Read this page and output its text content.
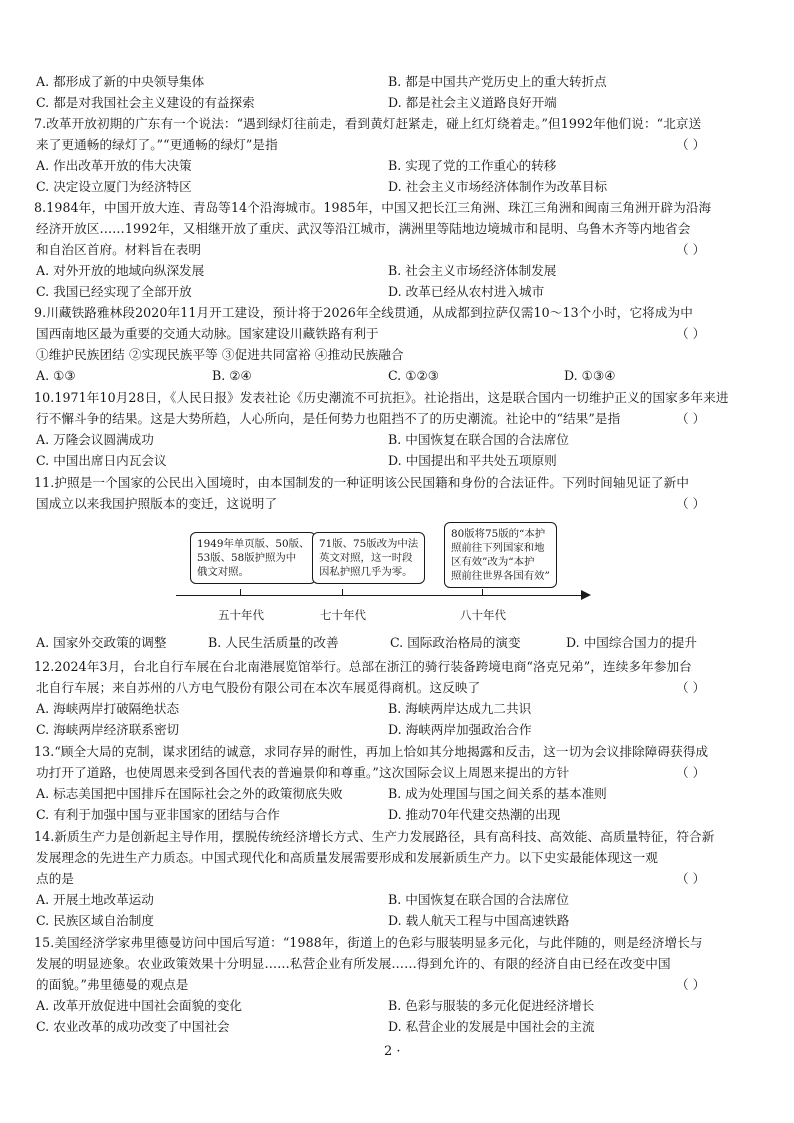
A. 都形成了新的中央领导集体	B. 都是中国共产党历史上的重大转折点
C. 都是对我国社会主义建设的有益探索	D. 都是社会主义道路良好开端
7.改革开放初期的广东有一个说法：“遇到绿灯往前走，看到黄灯赶紧走，碰上红灯绕着走。”但1992年他们说：“北京送
来了更通畅的绿灯了。”“更通畅的绿灯”是指	（ ）
A. 作出改革开放的伟大决策	B. 实现了党的工作重心的转移
C. 决定设立厦门为经济特区	D. 社会主义市场经济体制作为改革目标
8.1984年，中国开放大连、青岛等14个沿海城市。1985年，中国又把长江三角洲、珠江三角洲和闽南三角洲开辟为沿海
经济开放区……1992年，又相继开放了重庆、武汉等沿江城市，满洲里等陆地边境城市和昆明、乌鲁木齐等内地省会
和自治区首府。材料旨在表明	（ ）
A. 对外开放的地域向纵深发展	B. 社会主义市场经济体制发展
C. 我国已经实现了全部开放	D. 改革已经从农村进入城市
9.川藏铁路雅林段2020年11月开工建设，预计将于2026年全线贯通，从成都到拉萨仅需10～13个小时，它将成为中
国西南地区最为重要的交通大动脉。国家建设川藏铁路有利于	（ ）
①维护民族团结 ②实现民族平等 ③促进共同富裕 ④推动民族融合
A. ①③	B. ②④	C. ①②③	D. ①③④
10.1971年10月28日，《人民日报》发表社论《历史潮流不可抗拒》。社论指出，这是联合国内一切维护正义的国家多年来进
行不懈斗争的结果。这是大势所趋，人心所向，是任何势力也阻挡不了的历史潮流。社论中的“结果”是指	（ ）
A. 万隆会议圆满成功	B. 中国恢复在联合国的合法席位
C. 中国出席日内瓦会议	D. 中国提出和平共处五项原则
11.护照是一个国家的公民出入国境时，由本国制发的一种证明该公民国籍和身份的合法证件。下列时间轴见证了新中
国成立以来我国护照版本的变迁，这说明了	（ ）
1949年单页版、50版、
53版、58版护照为中
俄文对照。
71版、75版改为中法
英文对照，这一时段
因私护照几乎为零。
80版将75版的“本护
照前往下列国家和地
区有效”改为“本护
照前往世界各国有效”
五十年代	七十年代	八十年代
A. 国家外交政策的调整	B. 人民生活质量的改善	C. 国际政治格局的演变	D. 中国综合国力的提升
12.2024年3月，台北自行车展在台北南港展览馆举行。总部在浙江的骑行装备跨境电商“洛克兄弟”，连续多年参加台
北自行车展；来自苏州的八方电气股份有限公司在本次车展觅得商机。这反映了	（ ）
A. 海峡两岸打破隔绝状态	B. 海峡两岸达成九二共识
C. 海峡两岸经济联系密切	D. 海峡两岸加强政治合作
13.“顾全大局的克制，谋求团结的诚意，求同存异的耐性，再加上恰如其分地揭露和反击，这一切为会议排除障碍获得成
功打开了道路，也使周恩来受到各国代表的普遍景仰和尊重。”这次国际会议上周恩来提出的方针	（ ）
A. 标志美国把中国排斥在国际社会之外的政策彻底失败	B. 成为处理国与国之间关系的基本准则
C. 有利于加强中国与亚非国家的团结与合作	D. 推动70年代建交热潮的出现
14.新质生产力是创新起主导作用，摆脱传统经济增长方式、生产力发展路径，具有高科技、高效能、高质量特征，符合新
发展理念的先进生产力质态。中国式现代化和高质量发展需要形成和发展新质生产力。以下史实最能体现这一观
点的是	（ ）
A. 开展土地改革运动	B. 中国恢复在联合国的合法席位
C. 民族区域自治制度	D. 载人航天工程与中国高速铁路
15.美国经济学家弗里德曼访问中国后写道：“1988年，街道上的色彩与服装明显多元化，与此伴随的，则是经济增长与
发展的明显迹象。农业政策效果十分明显……私营企业有所发展……得到允许的、有限的经济自由已经在改变中国
的面貌。”弗里德曼的观点是	（ ）
A. 改革开放促进中国社会面貌的变化	B. 色彩与服装的多元化促进经济增长
C. 农业改革的成功改变了中国社会	D. 私营企业的发展是中国社会的主流
2 ·
